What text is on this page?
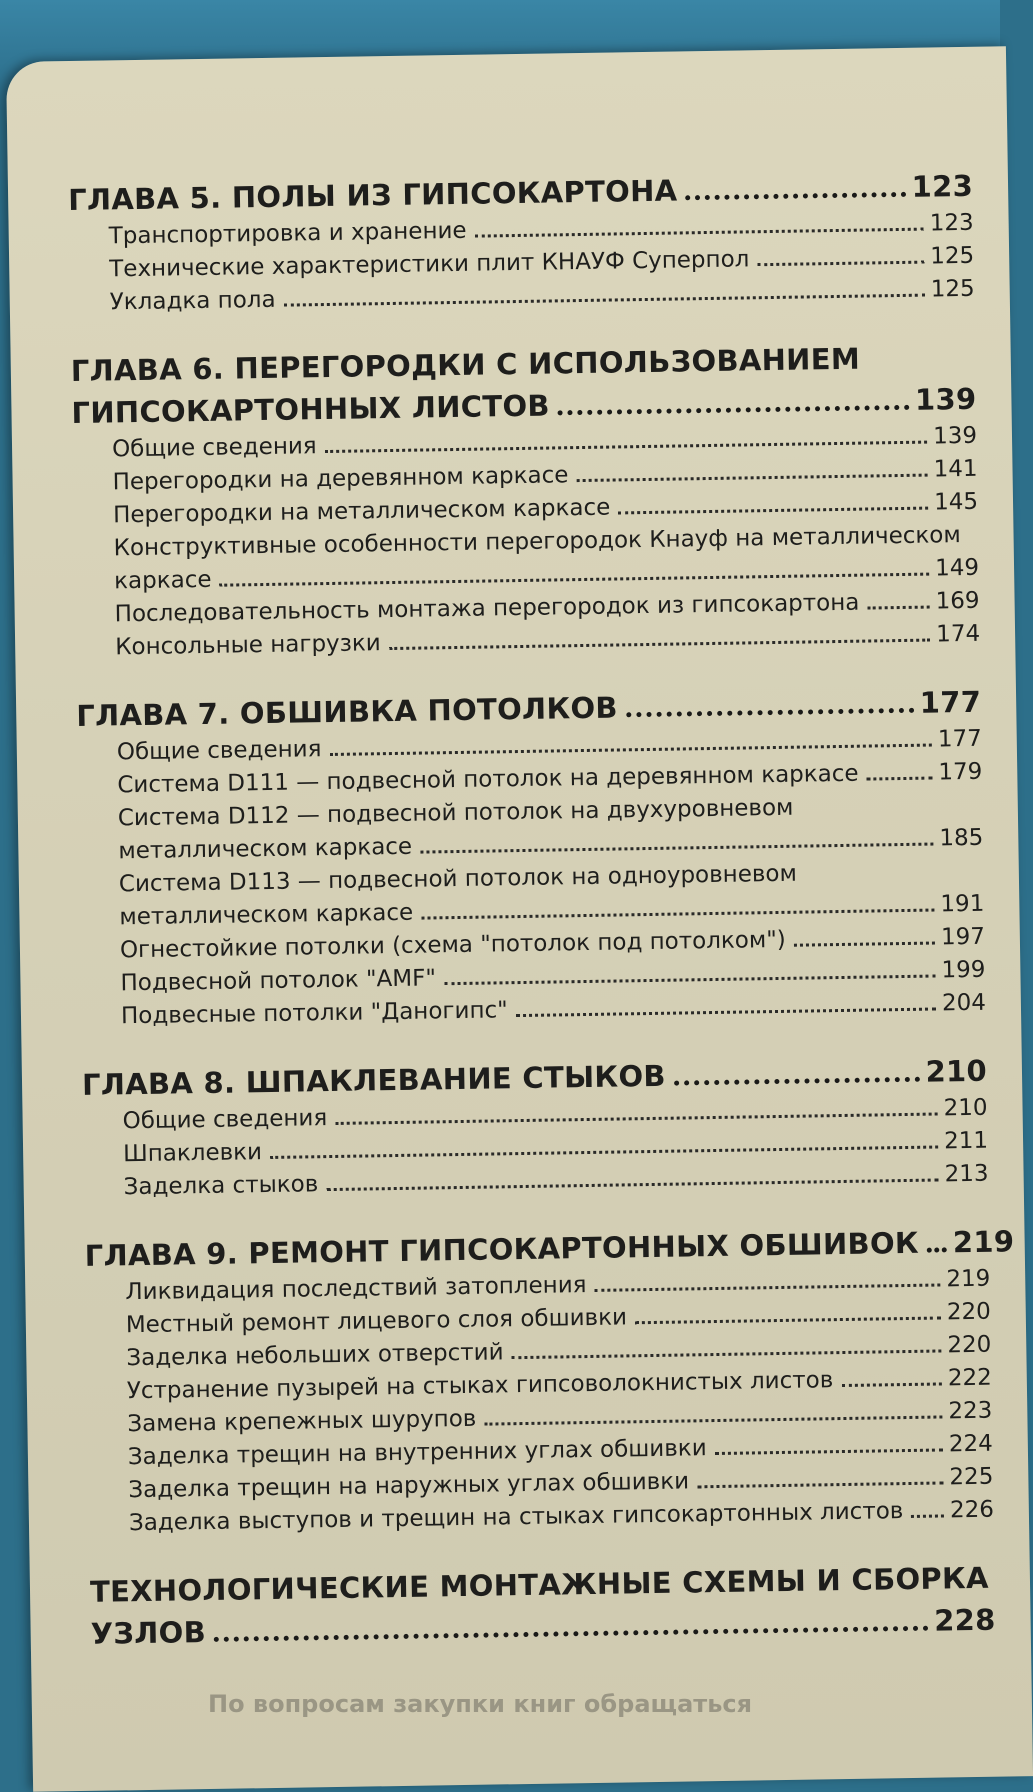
ГЛАВА 5. ПОЛЫ ИЗ ГИПСОКАРТОНА	123
Транспортировка и хранение	123
Технические характеристики плит КНАУФ Суперпол	125
Укладка пола	125
ГЛАВА 6. ПЕРЕГОРОДКИ С ИСПОЛЬЗОВАНИЕМ
ГИПСОКАРТОННЫХ ЛИСТОВ	139
Общие сведения	139
Перегородки на деревянном каркасе	141
Перегородки на металлическом каркасе	145
Конструктивные особенности перегородок Кнауф на металлическом
каркасе	149
Последовательность монтажа перегородок из гипсокартона	169
Консольные нагрузки	174
ГЛАВА 7. ОБШИВКА ПОТОЛКОВ	177
Общие сведения	177
Система D111 — подвесной потолок на деревянном каркасе	179
Система D112 — подвесной потолок на двухуровневом
металлическом каркасе	185
Система D113 — подвесной потолок на одноуровневом
металлическом каркасе	191
Огнестойкие потолки (схема "потолок под потолком")	197
Подвесной потолок "AMF"	199
Подвесные потолки "Даногипс"	204
ГЛАВА 8. ШПАКЛЕВАНИЕ СТЫКОВ	210
Общие сведения	210
Шпаклевки	211
Заделка стыков	213
ГЛАВА 9. РЕМОНТ ГИПСОКАРТОННЫХ ОБШИВОК 219
Ликвидация последствий затопления	219
Местный ремонт лицевого слоя обшивки	220
Заделка небольших отверстий	220
Устранение пузырей на стыках гипсоволокнистых листов	222
Замена крепежных шурупов	223
Заделка трещин на внутренних углах обшивки	224
Заделка трещин на наружных углах обшивки	225
Заделка выступов и трещин на стыках гипсокартонных листов 226
ТЕХНОЛОГИЧЕСКИЕ МОНТАЖНЫЕ СХЕМЫ И СБОРКА
УЗЛОВ	228
По вопросам закупки книг обращаться
